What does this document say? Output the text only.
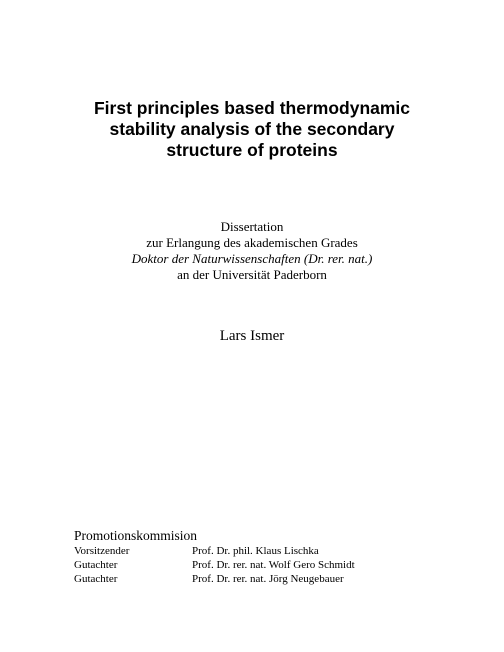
First principles based thermodynamic
stability analysis of the secondary
structure of proteins
Dissertation
zur Erlangung des akademischen Grades
Doktor der Naturwissenschaften (Dr. rer. nat.)
an der Universität Paderborn
Lars Ismer
Promotionskommision
Vorsitzender	Prof. Dr. phil. Klaus Lischka
Gutachter	Prof. Dr. rer. nat. Wolf Gero Schmidt
Gutachter	Prof. Dr. rer. nat. Jörg Neugebauer
